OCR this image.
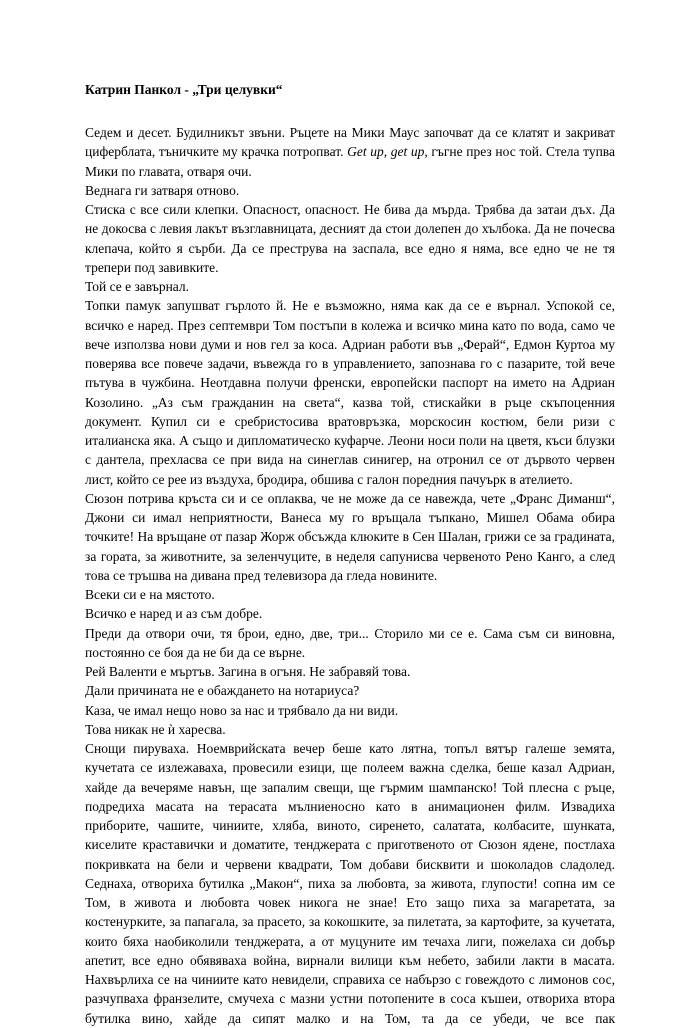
Катрин Панкол - „Три целувки“

Седем и десет. Будилникът звъни. Ръцете на Мики Маус започват да се клатят и закриват циферблата, тъничките му крачка потропват. Get up, get up, гъгне през нос той. Стела тупва Мики по главата, отваря очи.

Веднага ги затваря отново.

Стиска с все сили клепки. Опасност, опасност. Не бива да мърда. Трябва да затаи дъх. Да не докосва с левия лакът възглавницата, десният да стои долепен до хълбока. Да не почесва клепача, който я сърби. Да се преструва на заспала, все едно я няма, все едно че не тя трепери под завивките.

Той се е завърнал.

Топки памук запушват гърлото й. Не е възможно, няма как да се е върнал. Успокой се, всичко е наред. През септември Том постъпи в колежа и всичко мина като по вода, само че вече използва нови думи и нов гел за коса. Адриан работи във „Ферай“, Едмон Куртоа му поверява все повече задачи, въвежда го в управлението, запознава го с пазарите, той вече пътува в чужбина. Неотдавна получи френски, европейски паспорт на името на Адриан Козолино. „Аз съм гражданин на света“, казва той, стискайки в ръце скъпоценния документ. Купил си е сребристосива вратовръзка, морскосин костюм, бели ризи с италианска яка. А също и дипломатическо куфарче. Леони носи поли на цветя, къси блузки с дантела, прехласва се при вида на синеглав синигер, на отронил се от дървото червен лист, който се рее из въздуха, бродира, обшива с галон поредния пачуърк в ателието.

Сюзон потрива кръста си и се оплаква, че не може да се навежда, чете „Франс Диманш“, Джони си имал неприятности, Ванеса му го връщала тъпкано, Мишел Обама обира точките! На връщане от пазар Жорж обсъжда клюките в Сен Шалан, грижи се за градината, за гората, за животните, за зеленчуците, в неделя сапунисва червеното Рено Канго, а след това се тръшва на дивана пред телевизора да гледа новините.

Всеки си е на мястото.

Всичко е наред и аз съм добре.

Преди да отвори очи, тя брои, едно, две, три... Сторило ми се е. Сама съм си виновна, постоянно се боя да не би да се върне.

Рей Валенти е мъртъв. Загина в огъня. Не забравяй това.

Дали причината не е обаждането на нотариуса?

Каза, че имал нещо ново за нас и трябвало да ни види.

Това никак не ѝ харесва.

Снощи пируваха. Ноемврийската вечер беше като лятна, топъл вятър галеше земята, кучетата се излежаваха, провесили езици, ще полеем важна сделка, беше казал Адриан, хайде да вечеряме навън, ще запалим свещи, ще гърмим шампанско! Той плесна с ръце, подредиха масата на терасата мълниеносно като в анимационен филм. Извадиха приборите, чашите, чиниите, хляба, виното, сиренето, салатата, колбасите, шунката, киселите краставички и доматите, тенджерата с приготвеното от Сюзон ядене, постлаха покривката на бели и червени квадрати, Том добави бисквити и шоколадов сладолед. Седнаха, отвориха бутилка „Макон“, пиха за любовта, за живота, глупости! сопна им се Том, в живота и любовта човек никога не знае! Ето защо пиха за магаретата, за костенурките, за папагала, за прасето, за кокошките, за пилетата, за картофите, за кучетата, които бяха наобиколили тенджерата, а от муцуните им течаха лиги, пожелаха си добър апетит, все едно обявяваха война, вирнали вилици към небето, забили лакти в масата. Нахвърлиха се на чиниите като невидели, справиха се набързо с говеждото с лимонов сос, разчупваха франзелите, смучеха с мазни устни потопените в соса къшеи, отвориха втора бутилка вино, хайде да сипят малко и на Том, та да се убеди, че все пак
